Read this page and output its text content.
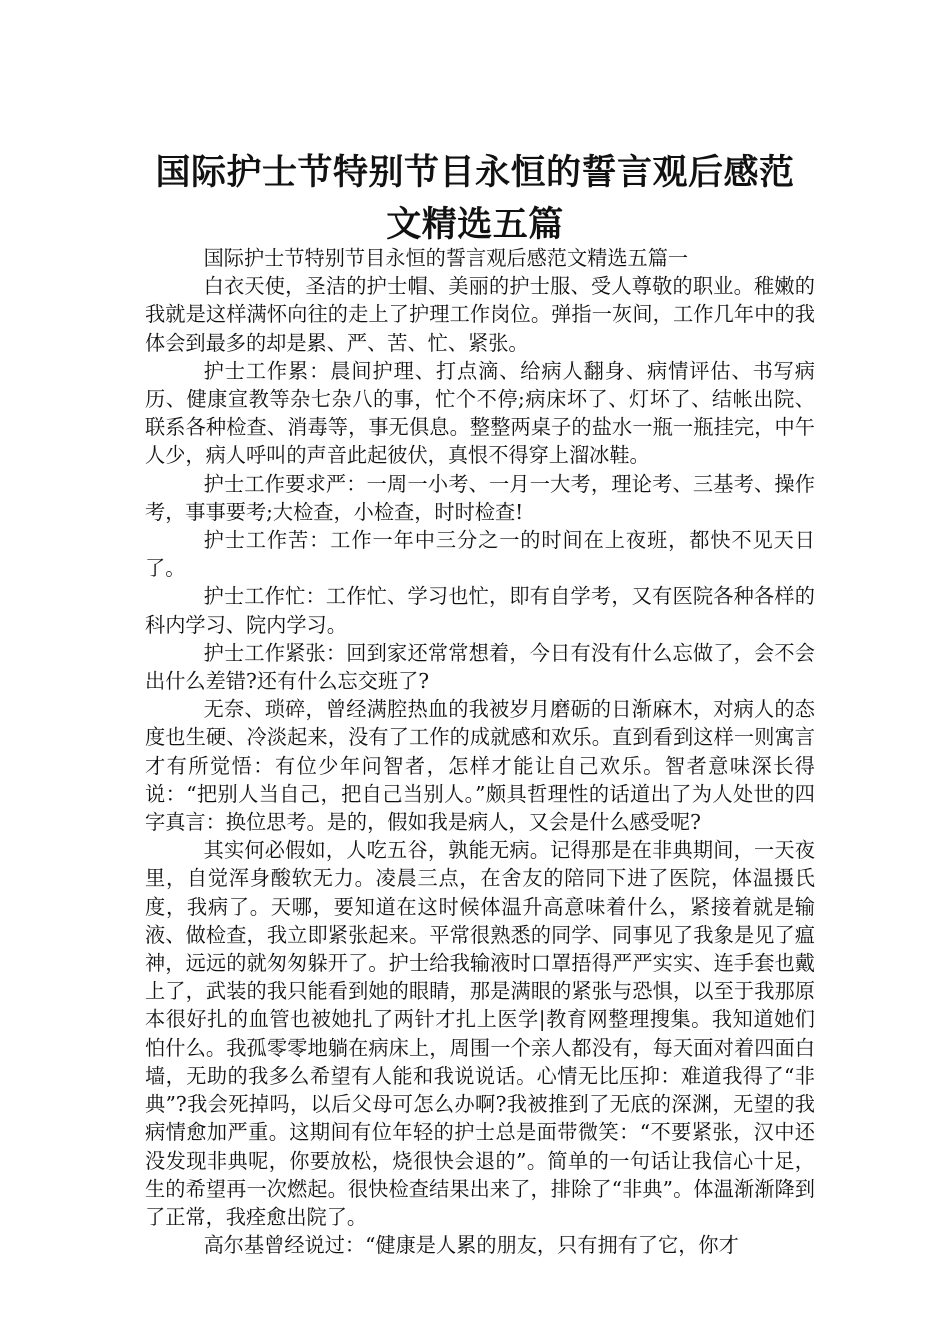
国际护士节特别节目永恒的誓言观后感范
文精选五篇

国际护士节特别节目永恒的誓言观后感范文精选五篇一

白衣天使，圣洁的护士帽、美丽的护士服、受人尊敬的职业。稚嫩的我就是这样满怀向往的走上了护理工作岗位。弹指一灰间，工作几年中的我体会到最多的却是累、严、苦、忙、紧张。

护士工作累：晨间护理、打点滴、给病人翻身、病情评估、书写病历、健康宣教等杂七杂八的事，忙个不停;病床坏了、灯坏了、结帐出院、联系各种检查、消毒等，事无俱息。整整两桌子的盐水一瓶一瓶挂完，中午人少，病人呼叫的声音此起彼伏，真恨不得穿上溜冰鞋。

护士工作要求严：一周一小考、一月一大考，理论考、三基考、操作考，事事要考;大检查，小检查，时时检查!

护士工作苦：工作一年中三分之一的时间在上夜班，都快不见天日了。

护士工作忙：工作忙、学习也忙，即有自学考，又有医院各种各样的科内学习、院内学习。

护士工作紧张：回到家还常常想着，今日有没有什么忘做了，会不会出什么差错?还有什么忘交班了?

无奈、琐碎，曾经满腔热血的我被岁月磨砺的日渐麻木，对病人的态度也生硬、冷淡起来，没有了工作的成就感和欢乐。直到看到这样一则寓言才有所觉悟：有位少年问智者，怎样才能让自己欢乐。智者意味深长得说：“把别人当自己，把自己当别人。”颇具哲理性的话道出了为人处世的四字真言：换位思考。是的，假如我是病人，又会是什么感受呢?

其实何必假如，人吃五谷，孰能无病。记得那是在非典期间，一天夜里，自觉浑身酸软无力。凌晨三点，在舍友的陪同下进了医院，体温摄氏度，我病了。天哪，要知道在这时候体温升高意味着什么，紧接着就是输液、做检查，我立即紧张起来。平常很熟悉的同学、同事见了我象是见了瘟神，远远的就匆匆躲开了。护士给我输液时口罩捂得严严实实、连手套也戴上了，武装的我只能看到她的眼睛，那是满眼的紧张与恐惧，以至于我那原本很好扎的血管也被她扎了两针才扎上医学|教育网整理搜集。我知道她们怕什么。我孤零零地躺在病床上，周围一个亲人都没有，每天面对着四面白墙，无助的我多么希望有人能和我说说话。心情无比压抑：难道我得了“非典”?我会死掉吗，以后父母可怎么办啊?我被推到了无底的深渊，无望的我病情愈加严重。这期间有位年轻的护士总是面带微笑：“不要紧张，汉中还没发现非典呢，你要放松，烧很快会退的”。简单的一句话让我信心十足，生的希望再一次燃起。很快检查结果出来了，排除了“非典”。体温渐渐降到了正常，我痊愈出院了。

高尔基曾经说过：“健康是人累的朋友，只有拥有了它，你才
